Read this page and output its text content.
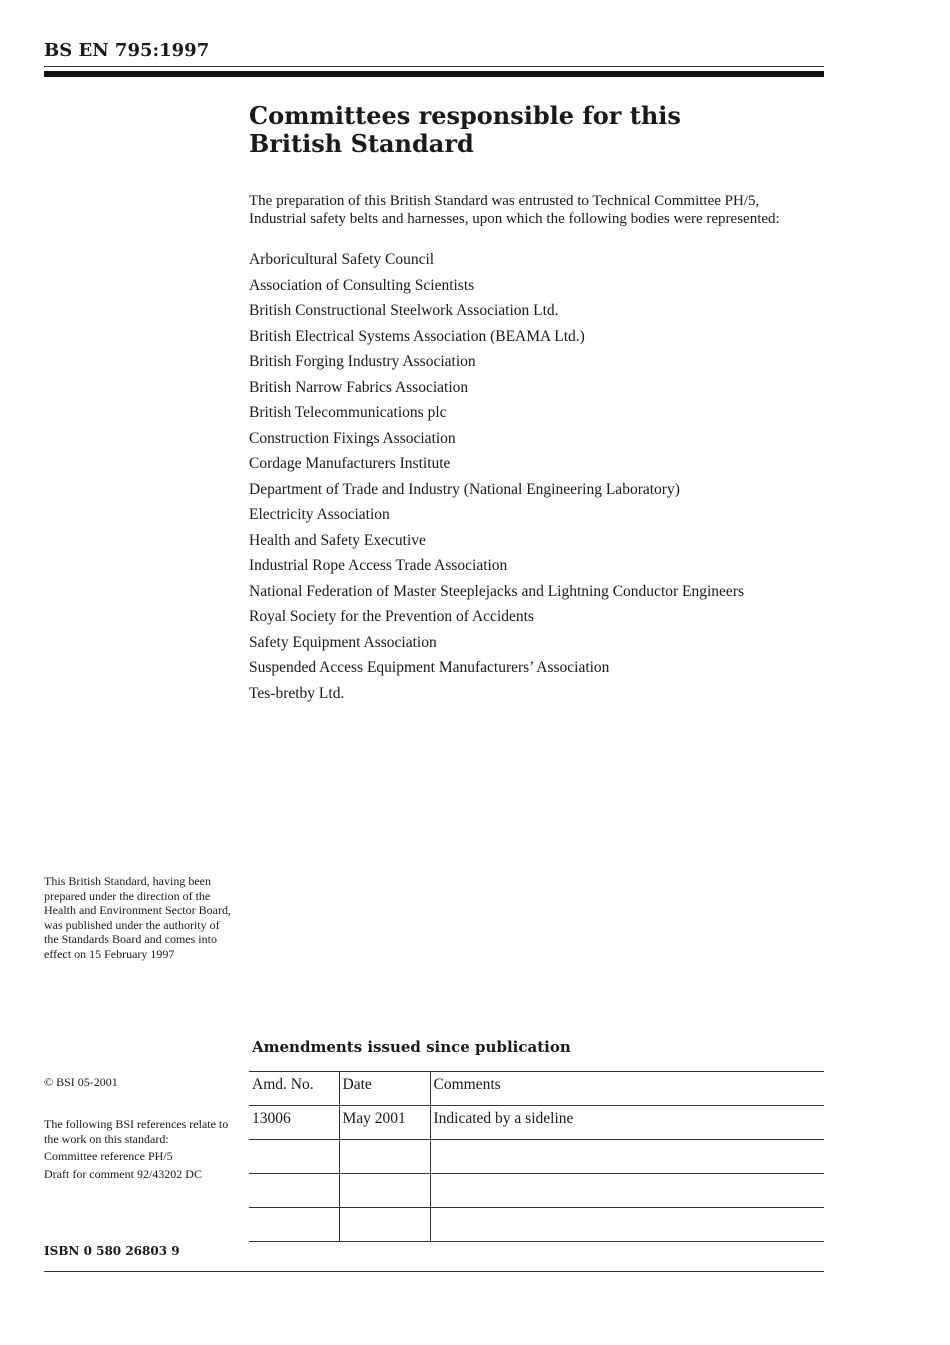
BS EN 795:1997
Committees responsible for this
British Standard
The preparation of this British Standard was entrusted to Technical Committee PH/5, Industrial safety belts and harnesses, upon which the following bodies were represented:
Arboricultural Safety Council
Association of Consulting Scientists
British Constructional Steelwork Association Ltd.
British Electrical Systems Association (BEAMA Ltd.)
British Forging Industry Association
British Narrow Fabrics Association
British Telecommunications plc
Construction Fixings Association
Cordage Manufacturers Institute
Department of Trade and Industry (National Engineering Laboratory)
Electricity Association
Health and Safety Executive
Industrial Rope Access Trade Association
National Federation of Master Steeplejacks and Lightning Conductor Engineers
Royal Society for the Prevention of Accidents
Safety Equipment Association
Suspended Access Equipment Manufacturers’ Association
Tes-bretby Ltd.
This British Standard, having been prepared under the direction of the Health and Environment Sector Board, was published under the authority of the Standards Board and comes into effect on 15 February 1997
© BSI 05-2001

The following BSI references relate to the work on this standard:

Committee reference PH/5

Draft for comment 92/43202 DC

ISBN 0 580 26803 9
Amendments issued since publication
Amd. No.	Date	Comments
13006	May 2001	Indicated by a sideline
